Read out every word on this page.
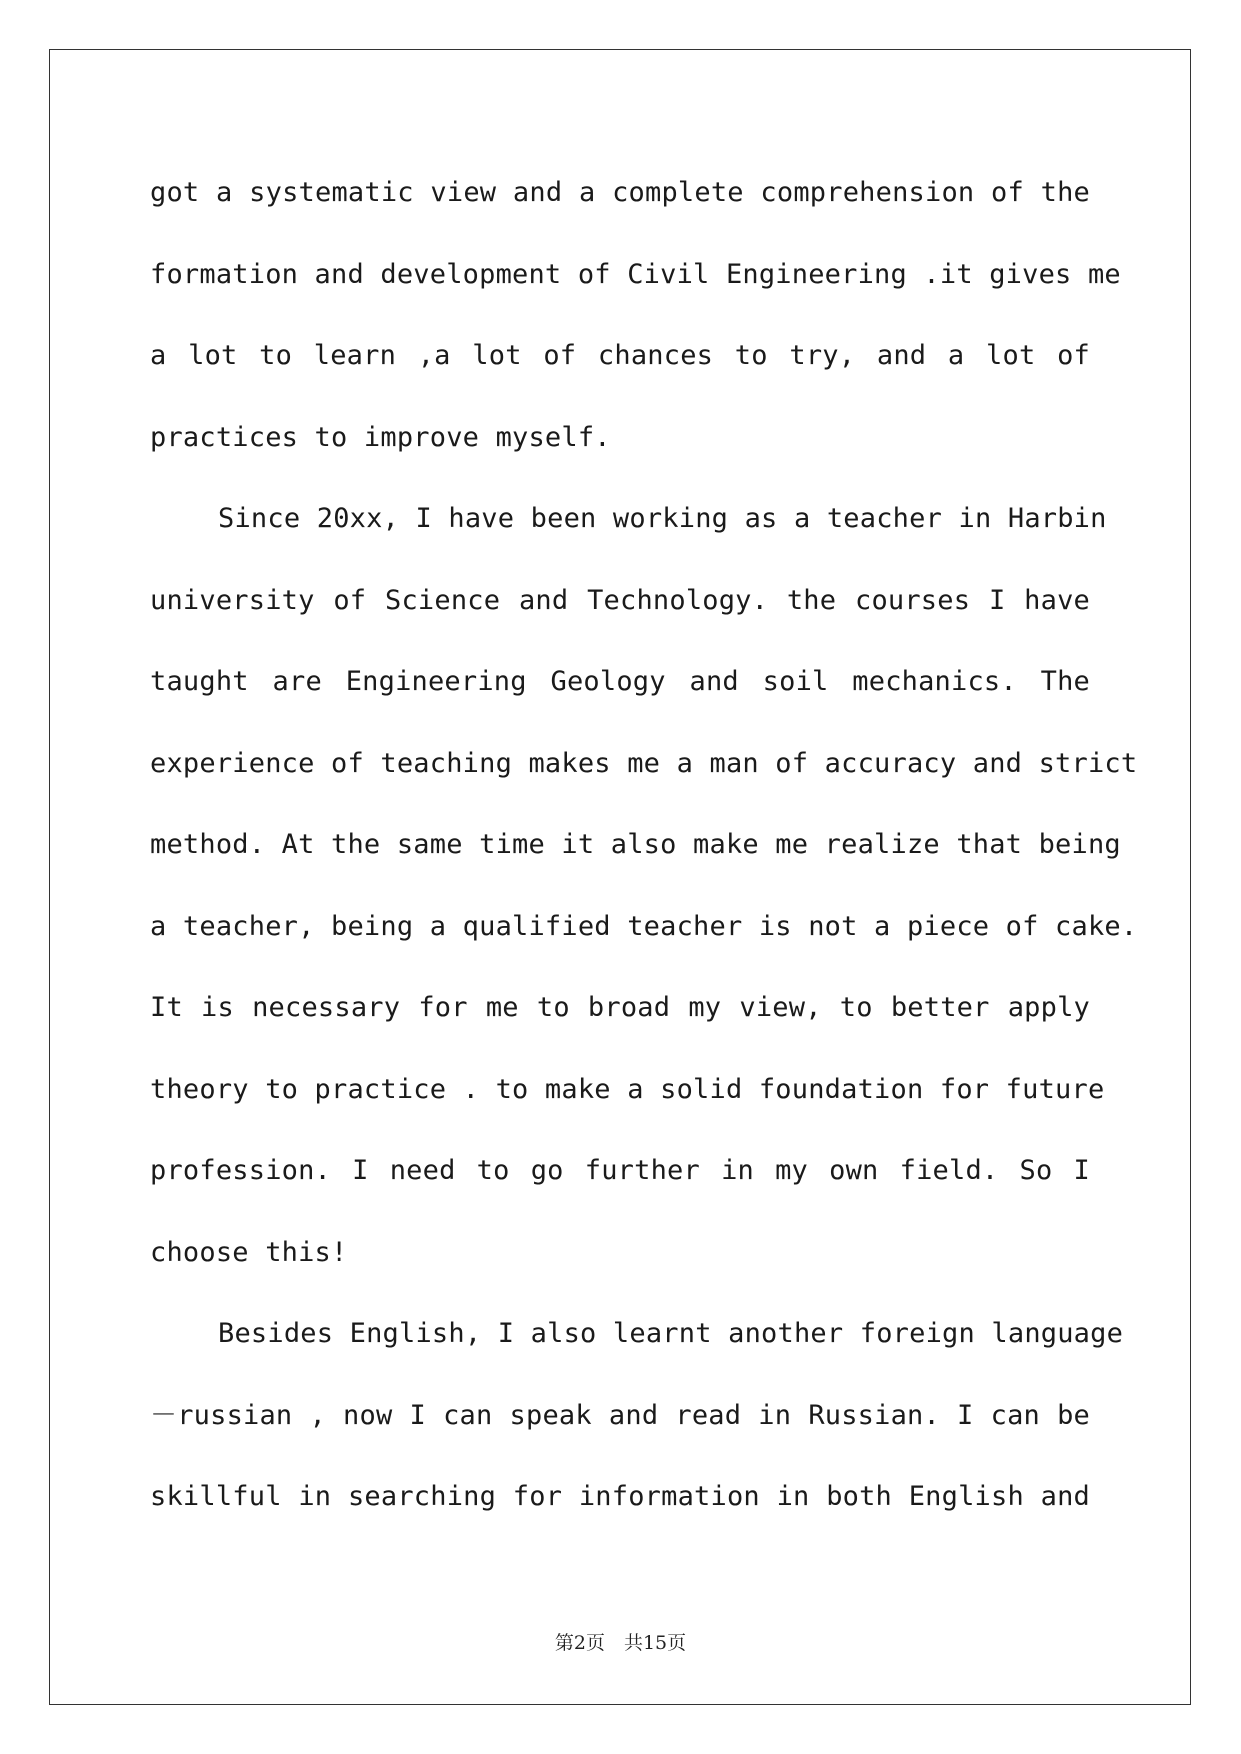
got a systematic view and a complete comprehension of the
formation and development of Civil Engineering .it gives me
a lot to learn ,a lot of chances to try, and a lot of
practices to improve myself.
Since 20xx, I have been working as a teacher in Harbin
university of Science and Technology. the courses I have
taught are Engineering Geology and soil mechanics. The
experience of teaching makes me a man of accuracy and strict
method. At the same time it also make me realize that being
a teacher, being a qualified teacher is not a piece of cake.
It is necessary for me to broad my view, to better apply
theory to practice . to make a solid foundation for future
profession. I need to go further in my own field. So I
choose this!
Besides English, I also learnt another foreign language
－russian , now I can speak and read in Russian. I can be
skillful in searching for information in both English and
第2页　共15页
